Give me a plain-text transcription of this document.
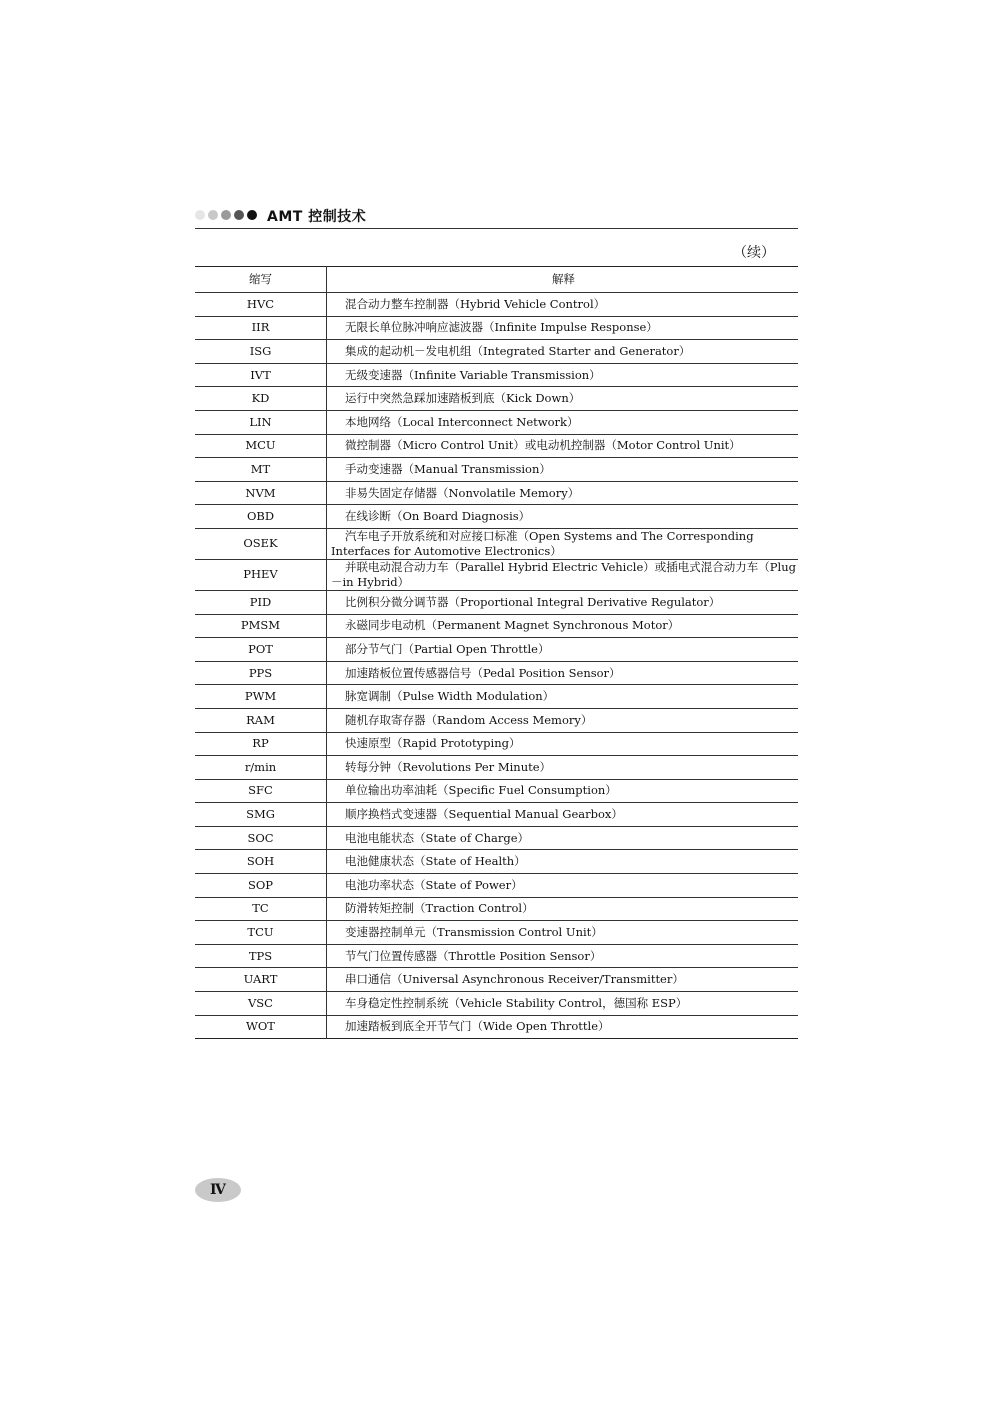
AMT 控制技术
（续）
缩写	解释
HVC	混合动力整车控制器（Hybrid Vehicle Control）
IIR	无限长单位脉冲响应滤波器（Infinite Impulse Response）
ISG	集成的起动机－发电机组（Integrated Starter and Generator）
IVT	无级变速器（Infinite Variable Transmission）
KD	运行中突然急踩加速踏板到底（Kick Down）
LIN	本地网络（Local Interconnect Network）
MCU	微控制器（Micro Control Unit）或电动机控制器（Motor Control Unit）
MT	手动变速器（Manual Transmission）
NVM	非易失固定存储器（Nonvolatile Memory）
OBD	在线诊断（On Board Diagnosis）
OSEK	汽车电子开放系统和对应接口标准（Open Systems and The Corresponding Interfaces for Automotive Electronics）
PHEV	并联电动混合动力车（Parallel Hybrid Electric Vehicle）或插电式混合动力车（Plug－in Hybrid）
PID	比例积分微分调节器（Proportional Integral Derivative Regulator）
PMSM	永磁同步电动机（Permanent Magnet Synchronous Motor）
POT	部分节气门（Partial Open Throttle）
PPS	加速踏板位置传感器信号（Pedal Position Sensor）
PWM	脉宽调制（Pulse Width Modulation）
RAM	随机存取寄存器（Random Access Memory）
RP	快速原型（Rapid Prototyping）
r/min	转每分钟（Revolutions Per Minute）
SFC	单位输出功率油耗（Specific Fuel Consumption）
SMG	顺序换档式变速器（Sequential Manual Gearbox）
SOC	电池电能状态（State of Charge）
SOH	电池健康状态（State of Health）
SOP	电池功率状态（State of Power）
TC	防滑转矩控制（Traction Control）
TCU	变速器控制单元（Transmission Control Unit）
TPS	节气门位置传感器（Throttle Position Sensor）
UART	串口通信（Universal Asynchronous Receiver/Transmitter）
VSC	车身稳定性控制系统（Vehicle Stability Control，德国称 ESP）
WOT	加速踏板到底全开节气门（Wide Open Throttle）
Ⅳ
